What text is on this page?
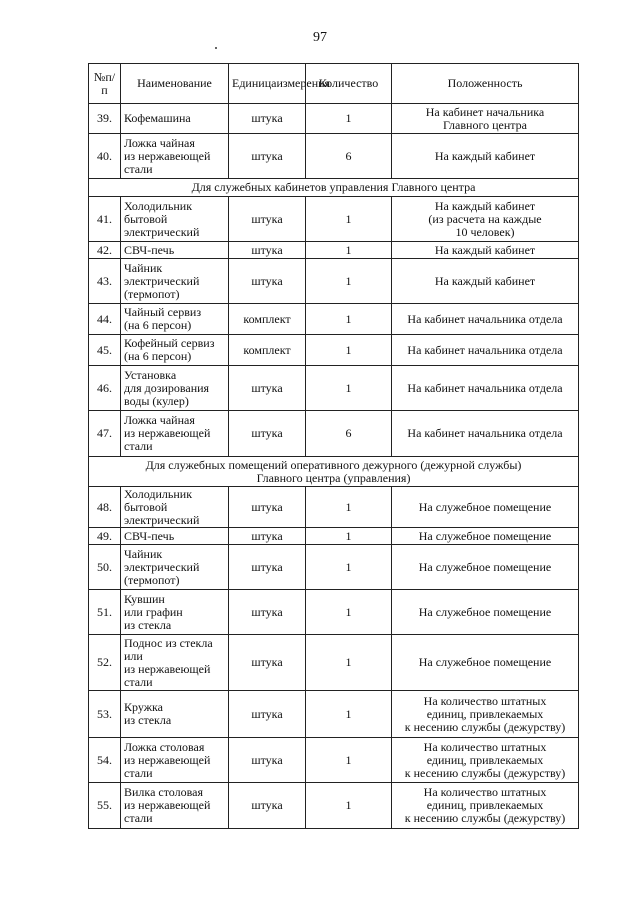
97
№п/п	Наименование	Единицаизмерения	Количество	Положенность
39.	Кофемашина	штука	1	На кабинет начальника
Главного центра

40.	Ложка чайная
из нержавеющей
стали	штука	6	На каждый кабинет

Для служебных кабинетов управления Главного центра				

41.	Холодильник
бытовой
электрический	штука	1	На каждый кабинет
(из расчета на каждые
10 человек)

42.	СВЧ-печь	штука	1	На каждый кабинет

43.	Чайник
электрический
(термопот)	штука	1	На каждый кабинет

44.	Чайный сервиз
(на 6 персон)	комплект	1	На кабинет начальника отдела

45.	Кофейный сервиз
(на 6 персон)	комплект	1	На кабинет начальника отдела

46.	Установка
для дозирования
воды (кулер)	штука	1	На кабинет начальника отдела

47.	Ложка чайная
из нержавеющей
стали	штука	6	На кабинет начальника отдела

Для служебных помещений оперативного дежурного (дежурной службы)
Главного центра (управления)				

48.	Холодильник
бытовой
электрический	штука	1	На служебное помещение

49.	СВЧ-печь	штука	1	На служебное помещение

50.	Чайник
электрический
(термопот)	штука	1	На служебное помещение

51.	Кувшин
или графин
из стекла	штука	1	На служебное помещение

52.	Поднос из стекла
или
из нержавеющей
стали	штука	1	На служебное помещение

53.	Кружка
из стекла	штука	1	На количество штатных
единиц, привлекаемых
к несению службы (дежурству)

54.	Ложка столовая
из нержавеющей
стали	штука	1	На количество штатных
единиц, привлекаемых
к несению службы (дежурству)

55.	Вилка столовая
из нержавеющей
стали	штука	1	На количество штатных
единиц, привлекаемых
к несению службы (дежурству)
